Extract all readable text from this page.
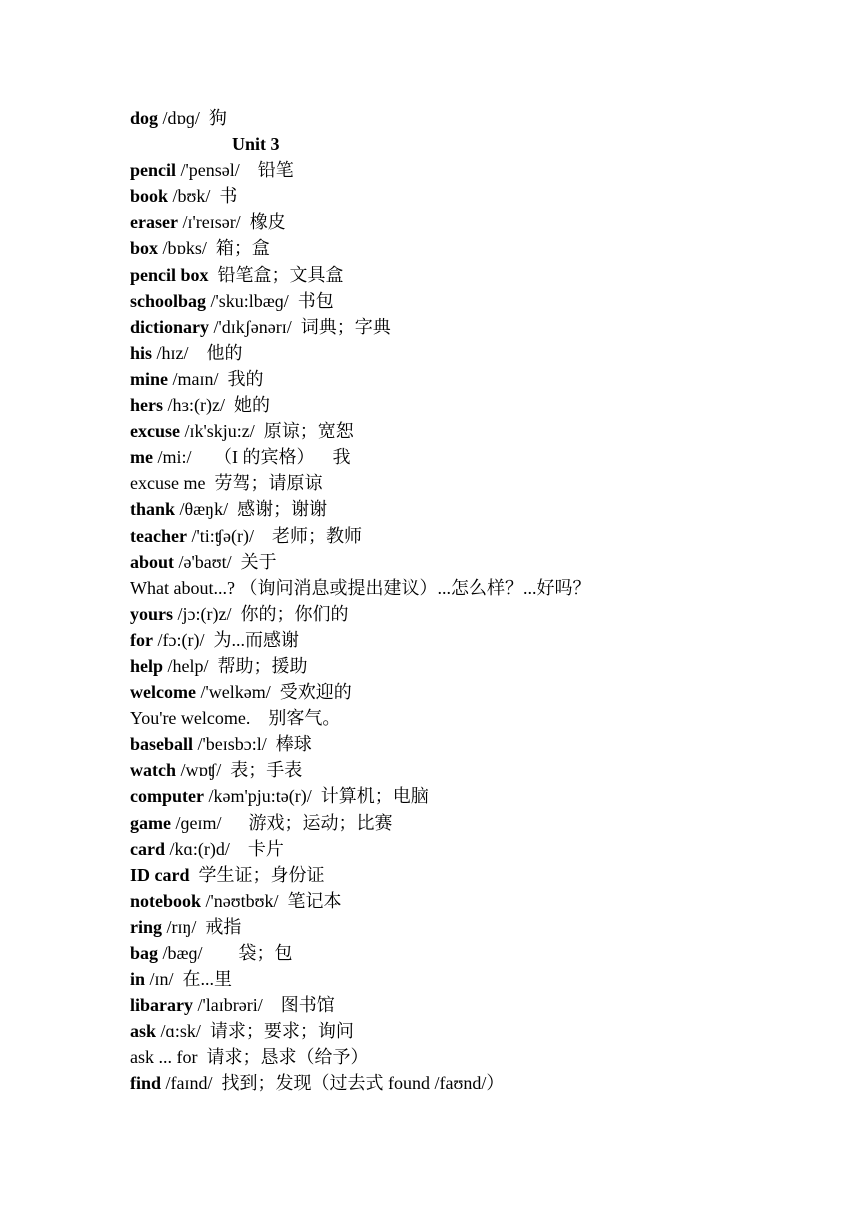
dog /dɒɡ/  狗
Unit 3
pencil /'pensəl/    铅笔
book /bʊk/  书
eraser /ɪ'reɪsər/  橡皮
box /bɒks/  箱；盒
pencil box  铅笔盒；文具盒
schoolbag /'sku:lbæɡ/  书包
dictionary /'dɪkʃənərɪ/  词典；字典
his /hɪz/    他的
mine /maɪn/  我的
hers /hɜ:(r)z/  她的
excuse /ɪk'skju:z/  原谅；宽恕
me /mi:/     （I 的宾格）    我
excuse me  劳驾；请原谅
thank /θæŋk/  感谢；谢谢
teacher /'ti:ʧə(r)/    老师；教师
about /ə'baʊt/  关于
What about...? （询问消息或提出建议）...怎么样？...好吗？
yours /jɔ:(r)z/  你的；你们的
for /fɔ:(r)/  为...而感谢
help /help/  帮助；援助
welcome /'welkəm/  受欢迎的
You're welcome.    别客气。
baseball /'beɪsbɔ:l/  棒球
watch /wɒʧ/  表；手表
computer /kəm'pju:tə(r)/  计算机；电脑
game /ɡeɪm/      游戏；运动；比赛
card /kɑ:(r)d/    卡片
ID card  学生证；身份证
notebook /'nəʊtbʊk/  笔记本
ring /rɪŋ/  戒指
bag /bæɡ/        袋；包
in /ɪn/  在...里
libarary /'laɪbrəri/    图书馆
ask /ɑ:sk/  请求；要求；询问
ask ... for  请求；恳求（给予）
find /faɪnd/  找到；发现（过去式 found /faʊnd/）
